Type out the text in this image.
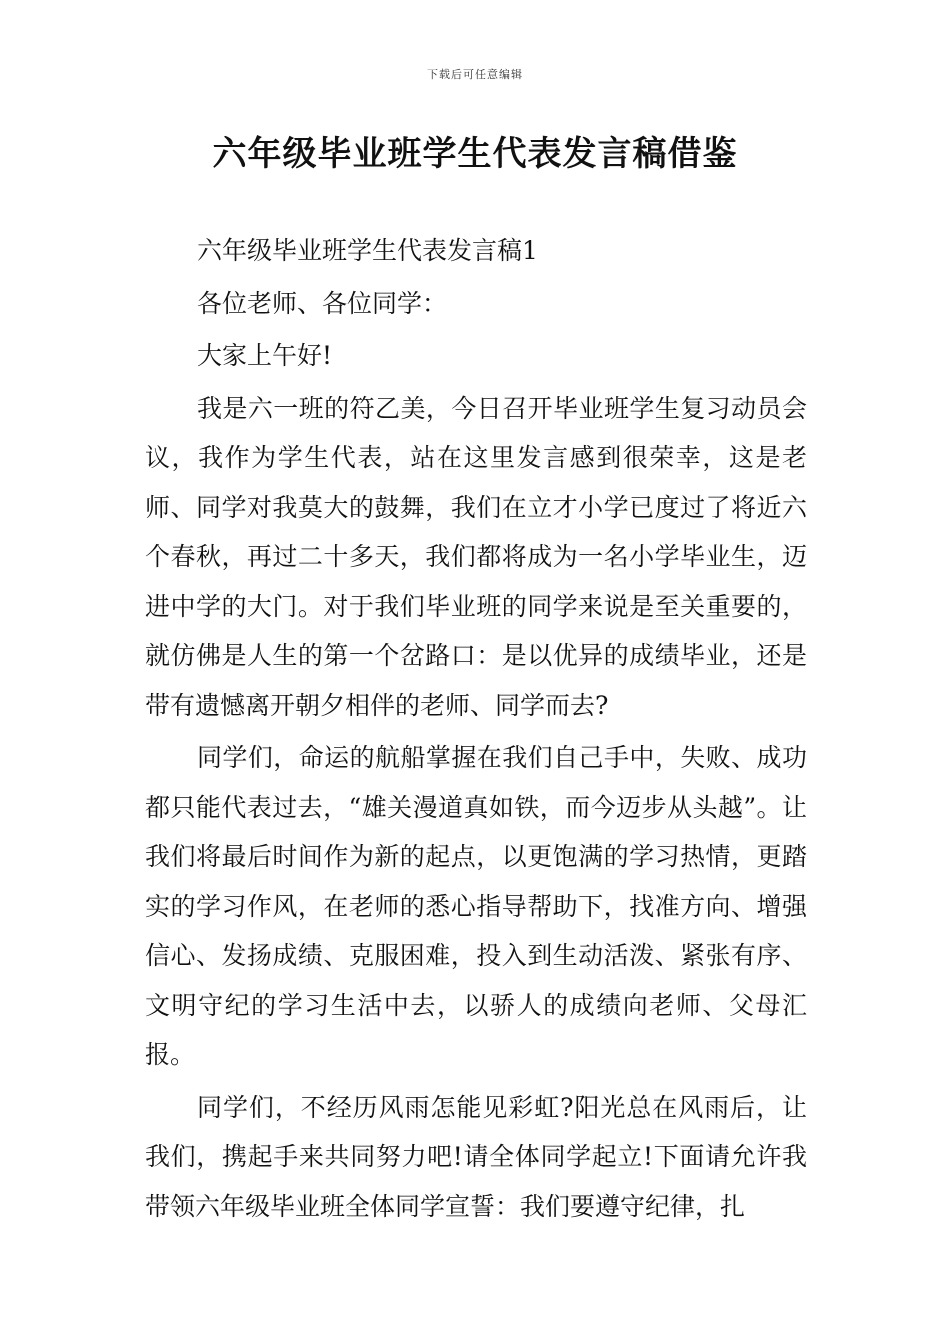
下载后可任意编辑
六年级毕业班学生代表发言稿借鉴

六年级毕业班学生代表发言稿1

各位老师、各位同学：

大家上午好!

我是六一班的符乙美，今日召开毕业班学生复习动员会议，我作为学生代表，站在这里发言感到很荣幸，这是老师、同学对我莫大的鼓舞，我们在立才小学已度过了将近六个春秋，再过二十多天，我们都将成为一名小学毕业生，迈进中学的大门。对于我们毕业班的同学来说是至关重要的，就仿佛是人生的第一个岔路口：是以优异的成绩毕业，还是带有遗憾离开朝夕相伴的老师、同学而去?

同学们，命运的航船掌握在我们自己手中，失败、成功都只能代表过去，“雄关漫道真如铁，而今迈步从头越”。让我们将最后时间作为新的起点，以更饱满的学习热情，更踏实的学习作风，在老师的悉心指导帮助下，找准方向、增强信心、发扬成绩、克服困难，投入到生动活泼、紧张有序、文明守纪的学习生活中去，以骄人的成绩向老师、父母汇报。

同学们，不经历风雨怎能见彩虹?阳光总在风雨后，让我们，携起手来共同努力吧!请全体同学起立!下面请允许我带领六年级毕业班全体同学宣誓：我们要遵守纪律，扎
